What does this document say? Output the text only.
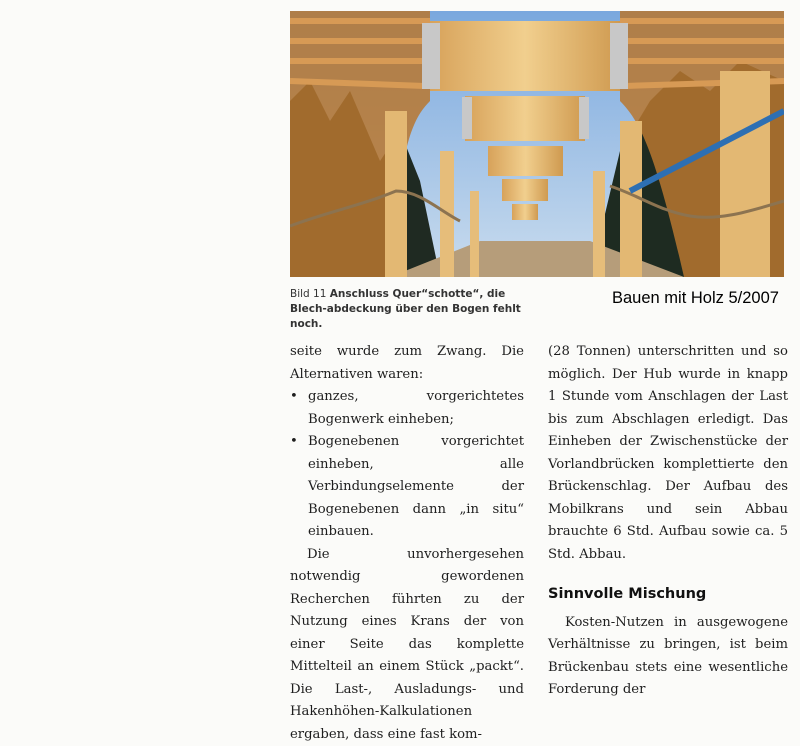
Bild 11 Anschluss Quer“schotte“, die Blech-abdeckung über den Bogen fehlt noch.
Bauen mit Holz 5/2007

seite wurde zum Zwang. Die Alternativen waren:

• ganzes, vorgerichtetes Bogenwerk einheben;
• Bogenebenen vorgerichtet einheben, alle Verbindungselemente der Bogenebenen dann „in situ“ einbauen.

Die unvorhergesehen notwendig gewordenen Recherchen führten zu der Nutzung eines Krans der von einer Seite das komplette Mittelteil an einem Stück „packt“. Die Last-, Ausladungs- und Hakenhöhen-Kalkulationen ergaben, dass eine fast kom-

(28 Tonnen) unterschritten und so möglich. Der Hub wurde in knapp 1 Stunde vom Anschlagen der Last bis zum Abschlagen erledigt. Das Einheben der Zwischenstücke der Vorlandbrücken komplettierte den Brückenschlag. Der Aufbau des Mobilkrans und sein Abbau brauchte 6 Std. Aufbau sowie ca. 5 Std. Abbau.

Sinnvolle Mischung

Kosten-Nutzen in ausgewogene Verhältnisse zu bringen, ist beim Brückenbau stets eine wesentliche Forderung der
